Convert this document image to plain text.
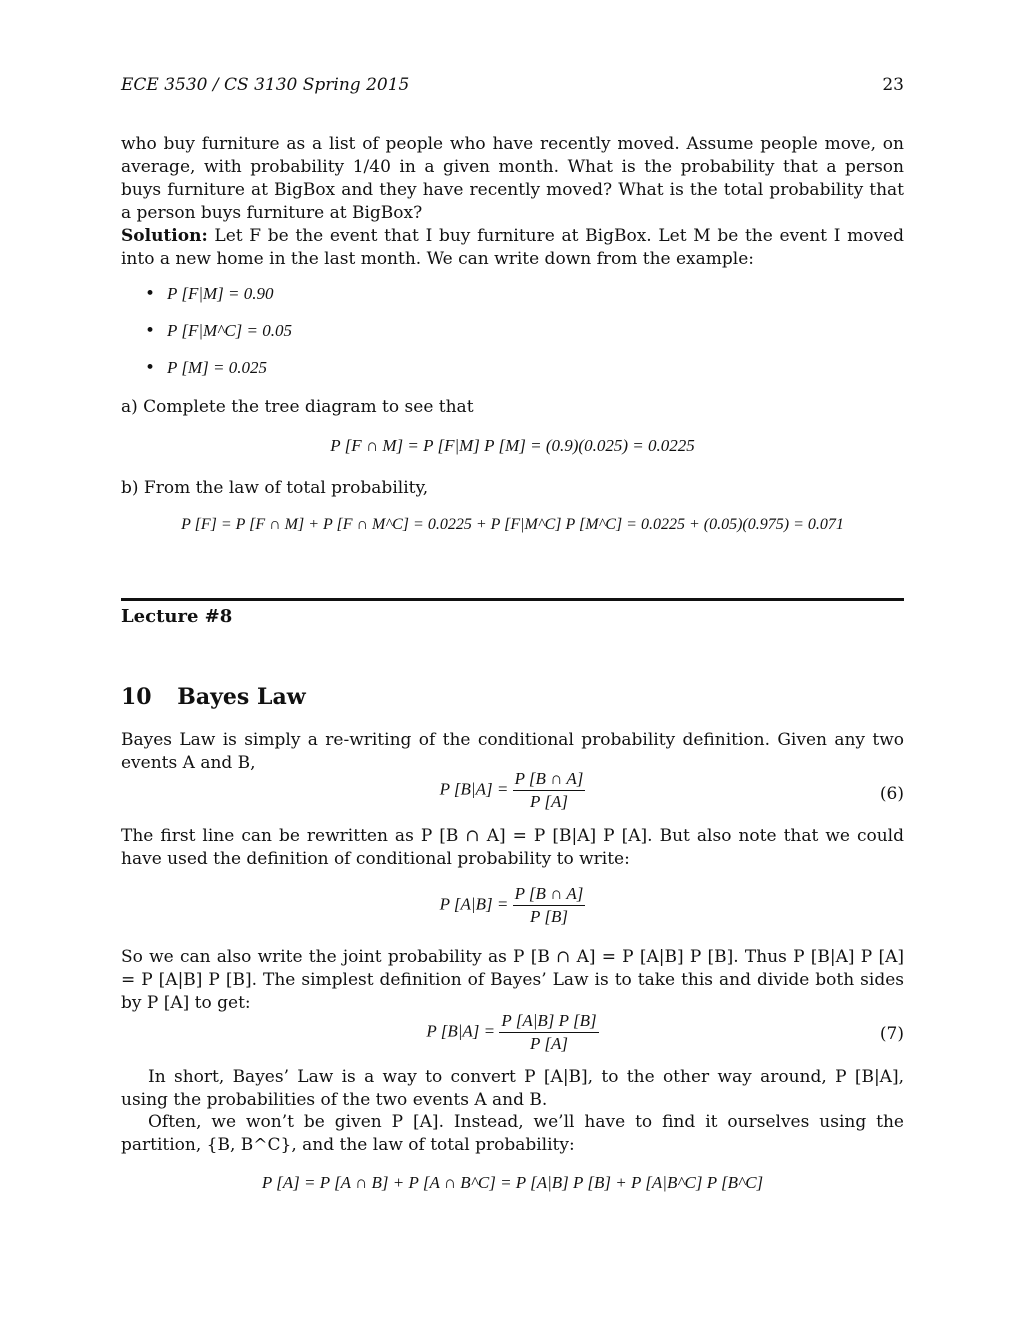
ECE 3530 / CS 3130 Spring 2015	23
who buy furniture as a list of people who have recently moved. Assume people move, on average, with probability 1/40 in a given month. What is the probability that a person buys furniture at BigBox and they have recently moved? What is the total probability that a person buys furniture at BigBox?
Solution: Let F be the event that I buy furniture at BigBox. Let M be the event I moved into a new home in the last month. We can write down from the example:
• P [F|M] = 0.90
• P [F|M^C] = 0.05
• P [M] = 0.025
a) Complete the tree diagram to see that
P [F ∩ M] = P [F|M] P [M] = (0.9)(0.025) = 0.0225
b) From the law of total probability,
P [F] = P [F ∩ M] + P [F ∩ M^C] = 0.0225 + P [F|M^C] P [M^C] = 0.0225 + (0.05)(0.975) = 0.071
Lecture #8
10 Bayes Law
Bayes Law is simply a re-writing of the conditional probability definition. Given any two events A and B,
P $[B|A] = \frac{P [B \cap A]}{P [A]}$	(6)
The first line can be rewritten as P [B ∩ A] = P [B|A] P [A]. But also note that we could have used the definition of conditional probability to write:
P $[A|B] = \frac{P [B \cap A]}{P [B]}$
So we can also write the joint probability as P [B ∩ A] = P [A|B] P [B]. Thus P [B|A] P [A] = P [A|B] P [B]. The simplest definition of Bayes’ Law is to take this and divide both sides by P [A] to get:
P $[B|A] = \frac{P [A|B] P [B]}{P [A]}$	(7)
In short, Bayes’ Law is a way to convert P [A|B], to the other way around, P [B|A], using the probabilities of the two events A and B.
Often, we won’t be given P [A]. Instead, we’ll have to find it ourselves using the partition, {B, B^C}, and the law of total probability:
P [A] = P [A ∩ B] + P [A ∩ B^C] = P [A|B] P [B] + P [A|B^C] P [B^C]
